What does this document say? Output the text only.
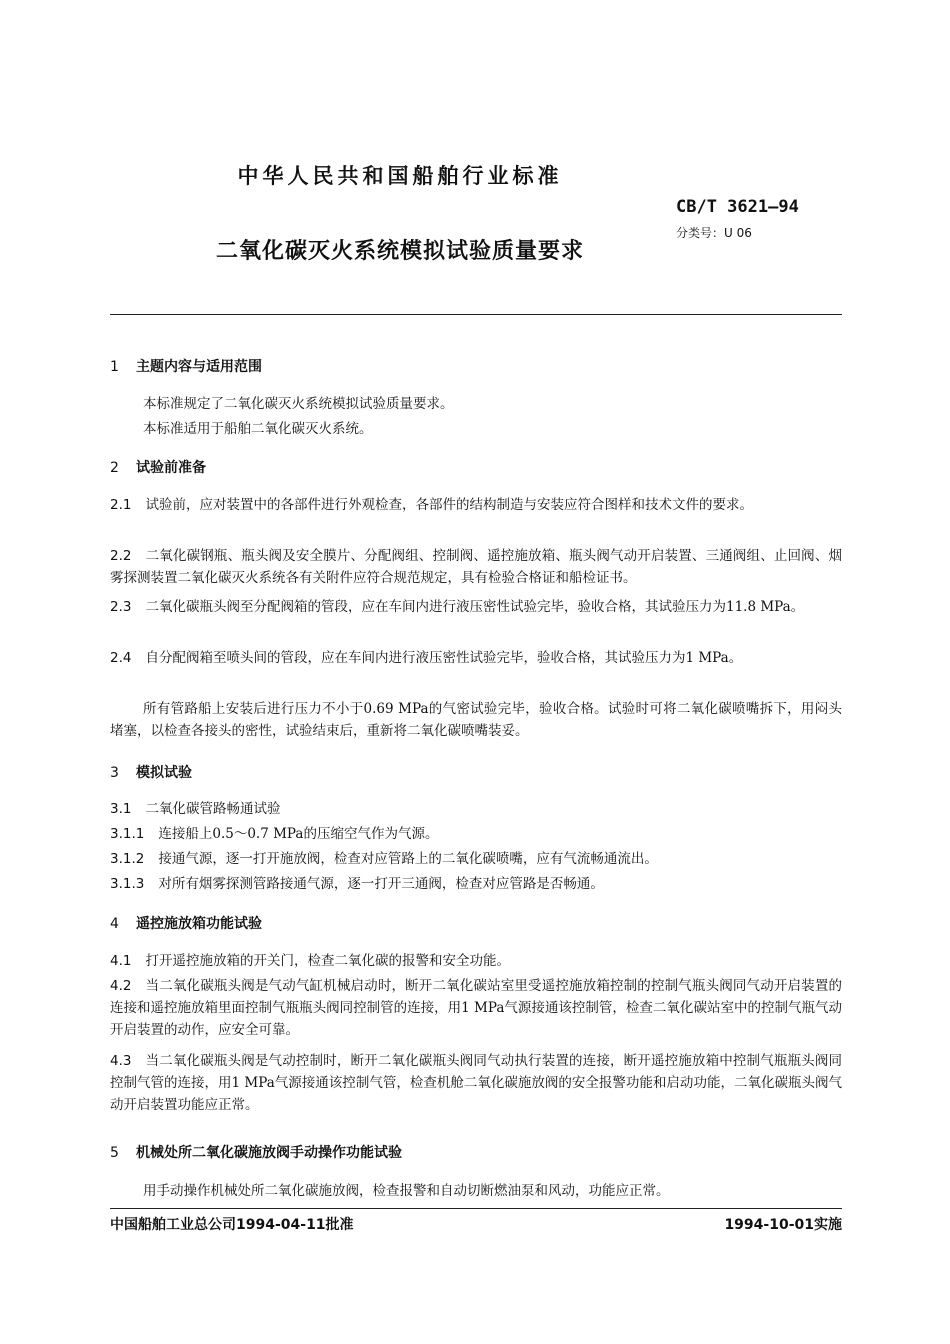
中华人民共和国船舶行业标准
CB/T 3621—94
分类号：U 06
二氧化碳灭火系统模拟试验质量要求
1 主题内容与适用范围
本标准规定了二氧化碳灭火系统模拟试验质量要求。
本标准适用于船舶二氧化碳灭火系统。
2 试验前准备
2.1 试验前，应对装置中的各部件进行外观检查，各部件的结构制造与安装应符合图样和技术文件的要求。
2.2 二氧化碳钢瓶、瓶头阀及安全膜片、分配阀组、控制阀、遥控施放箱、瓶头阀气动开启装置、三通阀组、止回阀、烟雾探测装置二氧化碳灭火系统各有关附件应符合规范规定，具有检验合格证和船检证书。
2.3 二氧化碳瓶头阀至分配阀箱的管段，应在车间内进行液压密性试验完毕，验收合格，其试验压力为11.8 MPa。
2.4 自分配阀箱至喷头间的管段，应在车间内进行液压密性试验完毕，验收合格，其试验压力为1 MPa。
所有管路船上安装后进行压力不小于0.69 MPa的气密试验完毕，验收合格。试验时可将二氧化碳喷嘴拆下，用闷头堵塞，以检查各接头的密性，试验结束后，重新将二氧化碳喷嘴装妥。
3 模拟试验
3.1 二氧化碳管路畅通试验
3.1.1 连接船上0.5～0.7 MPa的压缩空气作为气源。
3.1.2 接通气源，逐一打开施放阀，检查对应管路上的二氧化碳喷嘴，应有气流畅通流出。
3.1.3 对所有烟雾探测管路接通气源，逐一打开三通阀，检查对应管路是否畅通。
4 遥控施放箱功能试验
4.1 打开遥控施放箱的开关门，检查二氧化碳的报警和安全功能。
4.2 当二氧化碳瓶头阀是气动气缸机械启动时，断开二氧化碳站室里受遥控施放箱控制的控制气瓶头阀同气动开启装置的连接和遥控施放箱里面控制气瓶瓶头阀同控制管的连接，用1 MPa气源接通该控制管，检查二氧化碳站室中的控制气瓶气动开启装置的动作，应安全可靠。
4.3 当二氧化碳瓶头阀是气动控制时，断开二氧化碳瓶头阀同气动执行装置的连接，断开遥控施放箱中控制气瓶瓶头阀同控制气管的连接，用1 MPa气源接通该控制气管，检查机舱二氧化碳施放阀的安全报警功能和启动功能，二氧化碳瓶头阀气动开启装置功能应正常。
5 机械处所二氧化碳施放阀手动操作功能试验
用手动操作机械处所二氧化碳施放阀，检查报警和自动切断燃油泵和风动，功能应正常。
中国船舶工业总公司1994-04-11批准	1994-10-01实施
